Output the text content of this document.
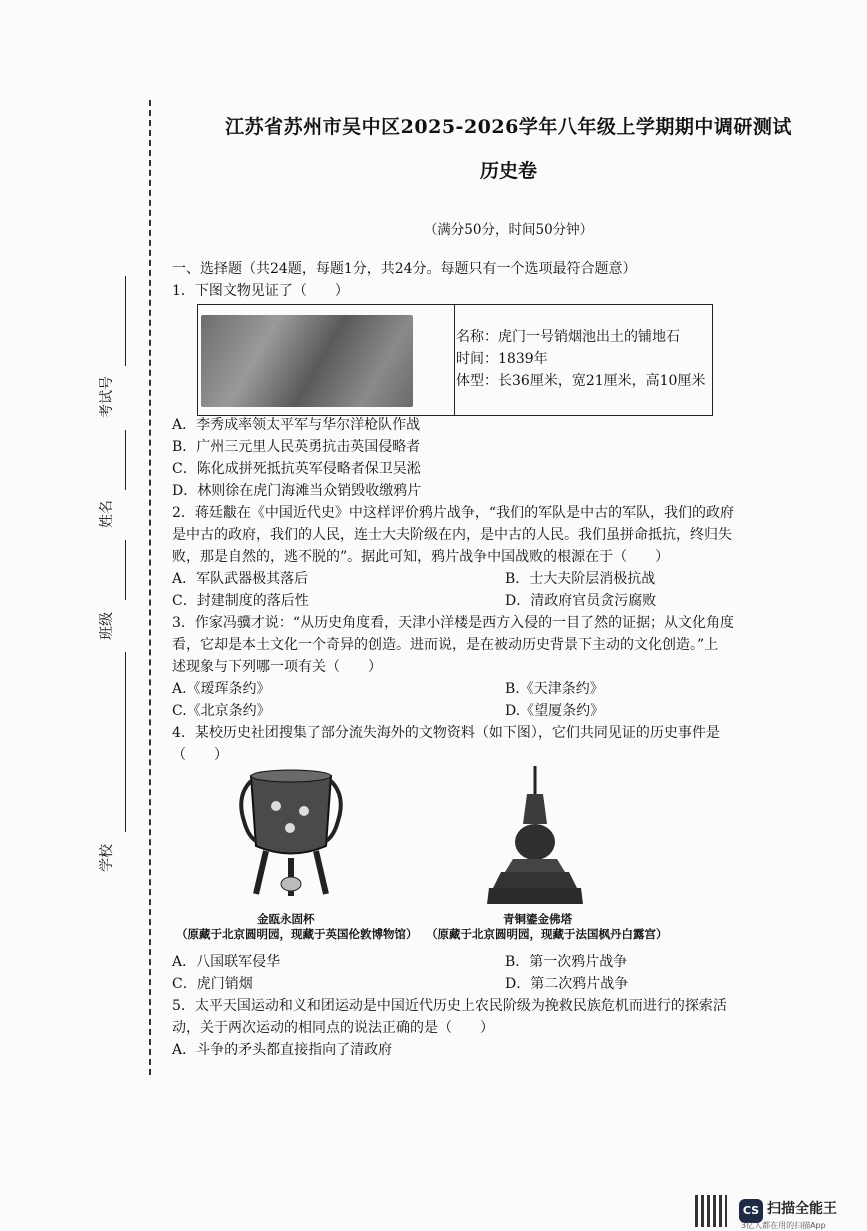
考试号
姓名
班级
学校
江苏省苏州市吴中区2025-2026学年八年级上学期期中调研测试
历史卷
（满分50分，时间50分钟）
一、选择题（共24题，每题1分，共24分。每题只有一个选项最符合题意）
1．下图文物见证了（　　）
名称：虎门一号销烟池出土的铺地石
时间：1839年
体型：长36厘米，宽21厘米，高10厘米
A．李秀成率领太平军与华尔洋枪队作战
B．广州三元里人民英勇抗击英国侵略者
C．陈化成拼死抵抗英军侵略者保卫吴淞
D．林则徐在虎门海滩当众销毁收缴鸦片
2．蒋廷黻在《中国近代史》中这样评价鸦片战争，“我们的军队是中古的军队，我们的政府
是中古的政府，我们的人民，连士大夫阶级在内，是中古的人民。我们虽拼命抵抗，终归失
败，那是自然的，逃不脱的”。据此可知，鸦片战争中国战败的根源在于（　　）
A．军队武器极其落后	B．士大夫阶层消极抗战
C．封建制度的落后性	D．清政府官员贪污腐败
3．作家冯骥才说：“从历史角度看，天津小洋楼是西方入侵的一目了然的证据；从文化角度
看，它却是本土文化一个奇异的创造。进而说，是在被动历史背景下主动的文化创造。”上
述现象与下列哪一项有关（　　）
A.《瑷珲条约》	B.《天津条约》
C.《北京条约》	D.《望厦条约》
4．某校历史社团搜集了部分流失海外的文物资料（如下图），它们共同见证的历史事件是
（　　）
金瓯永固杯
（原藏于北京圆明园，现藏于英国伦敦博物馆）
青铜鎏金佛塔
（原藏于北京圆明园，现藏于法国枫丹白露宫）
A．八国联军侵华	B．第一次鸦片战争
C．虎门销烟	D．第二次鸦片战争
5．太平天国运动和义和团运动是中国近代历史上农民阶级为挽救民族危机而进行的探索活
动，关于两次运动的相同点的说法正确的是（　　）
A．斗争的矛头都直接指向了清政府
CS 扫描全能王
3亿人都在用的扫描App
